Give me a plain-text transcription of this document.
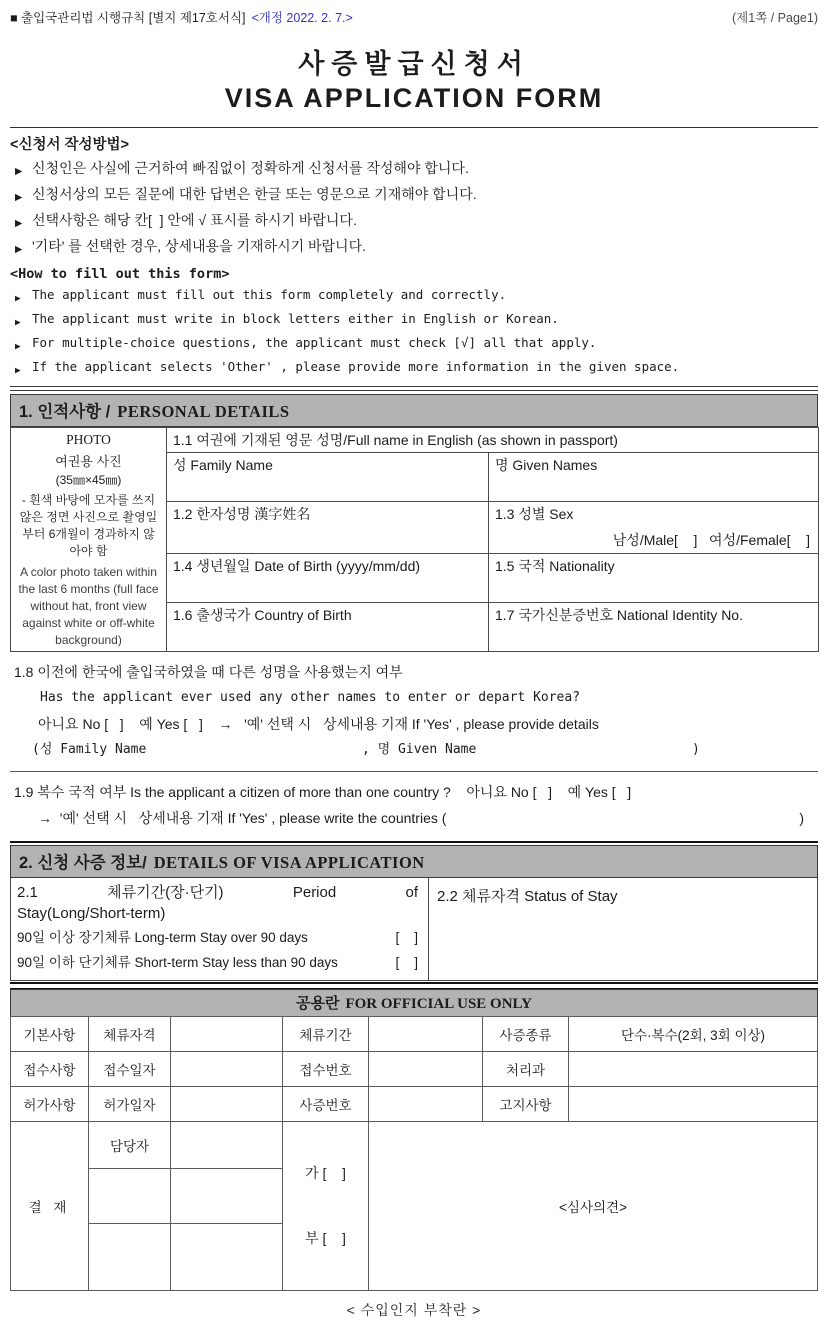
■ 출입국관리법 시행규칙 [별지 제17호서식] <개정 2022. 2. 7.>	(제1쪽 / Page1)
사증발급신청서
VISA APPLICATION FORM
<신청서 작성방법>
▶ 신청인은 사실에 근거하여 빠짐없이 정확하게 신청서를 작성해야 합니다.
▶ 신청서상의 모든 질문에 대한 답변은 한글 또는 영문으로 기재해야 합니다.
▶ 선택사항은 해당 칸[  ] 안에 √ 표시를 하시기 바랍니다.
▶ '기타' 를 선택한 경우, 상세내용을 기재하시기 바랍니다.
<How to fill out this form>
▶ The applicant must fill out this form completely and correctly.
▶ The applicant must write in block letters either in English or Korean.
▶ For multiple-choice questions, the applicant must check [√] all that apply.
▶ If the applicant selects 'Other' , please provide more information in the given space.
1. 인적사항 / PERSONAL DETAILS
PHOTO
여권용 사진
(35㎜×45㎜)
- 흰색 바탕에 모자를 쓰지 않은 정면 사진으로 촬영일부터 6개월이 경과하지 않아야 함
A color photo taken within the last 6 months (full face without hat, front view against white or off-white background)	1.1 여권에 기재된 영문 성명/Full name in English (as shown in passport)	
	성 Family Name	명 Given Names
	1.2 한자성명 漢字姓名	1.3 성별 Sex
남성/Male[    ]   여성/Female[    ]

	1.4 생년월일 Date of Birth (yyyy/mm/dd)	1.5 국적 Nationality
	1.6 출생국가 Country of Birth	1.7 국가신분증번호 National Identity No.
1.8 이전에 한국에 출입국하였을 때 다른 성명을 사용했는지 여부
Has the applicant ever used any other names to enter or depart Korea?
아니요 No [   ]    예 Yes [   ]    →   '예' 선택 시   상세내용 기재 If 'Yes' , please provide details
(성 Family Name	, 명 Given Name	)
1.9 복수 국적 여부 Is the applicant a citizen of more than one country ?    아니요 No [   ]    예 Yes [   ]
→  '예' 선택 시   상세내용 기재 If 'Yes' , please write the countries (	)
2. 신청 사증 정보/ DETAILS OF VISA APPLICATION
2.1	체류기간(장·단기)	Period	of
Stay(Long/Short-term)
90일 이상 장기체류 Long-term Stay over 90 days	[    ]
90일 이하 단기체류 Short-term Stay less than 90 days	[    ]
2.2 체류자격 Status of Stay
공용란 FOR OFFICIAL USE ONLY
기본사항	체류자격		체류기간		사증종류	단수·복수(2회, 3회 이상)
접수사항	접수일자		접수번호		처리과	
허가사항	허가일자		사증번호		고지사항	
결 재	담당자		가 [    ]

부 [    ]	<심사의견>		

< 수입인지 부착란 >
